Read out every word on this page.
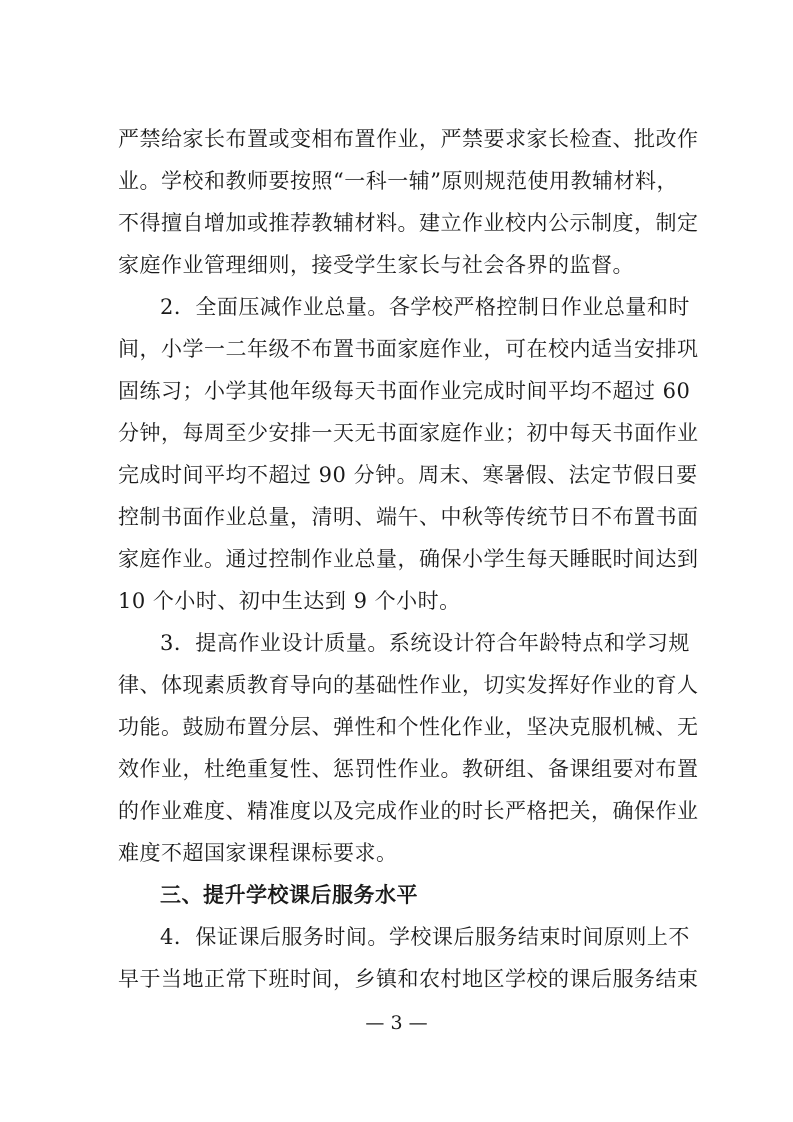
严禁给家长布置或变相布置作业，严禁要求家长检查、批改作
业。学校和教师要按照“一科一辅”原则规范使用教辅材料，
不得擅自增加或推荐教辅材料。建立作业校内公示制度，制定
家庭作业管理细则，接受学生家长与社会各界的监督。
2．全面压减作业总量。各学校严格控制日作业总量和时
间，小学一二年级不布置书面家庭作业，可在校内适当安排巩
固练习；小学其他年级每天书面作业完成时间平均不超过 60
分钟，每周至少安排一天无书面家庭作业；初中每天书面作业
完成时间平均不超过 90 分钟。周末、寒暑假、法定节假日要
控制书面作业总量，清明、端午、中秋等传统节日不布置书面
家庭作业。通过控制作业总量，确保小学生每天睡眠时间达到
10 个小时、初中生达到 9 个小时。
3．提高作业设计质量。系统设计符合年龄特点和学习规
律、体现素质教育导向的基础性作业，切实发挥好作业的育人
功能。鼓励布置分层、弹性和个性化作业，坚决克服机械、无
效作业，杜绝重复性、惩罚性作业。教研组、备课组要对布置
的作业难度、精准度以及完成作业的时长严格把关，确保作业
难度不超国家课程课标要求。
三、提升学校课后服务水平
4．保证课后服务时间。学校课后服务结束时间原则上不
早于当地正常下班时间，乡镇和农村地区学校的课后服务结束
— 3 —
